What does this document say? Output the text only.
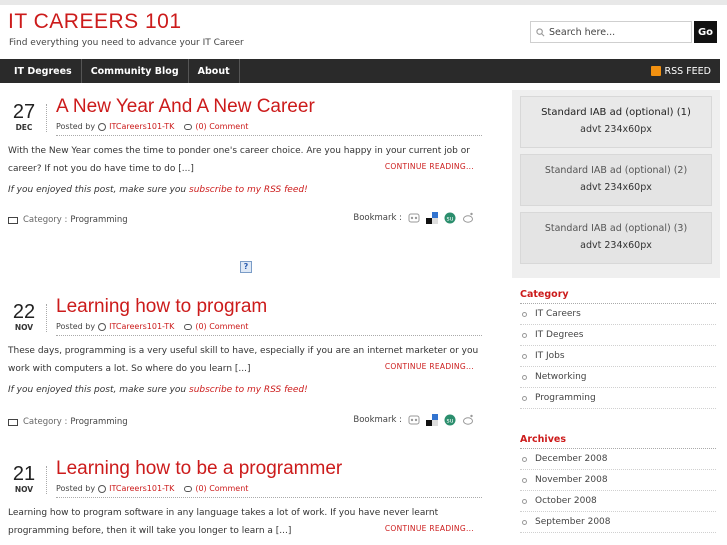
IT CAREERS 101
Find everything you need to advance your IT Career
Search here...
Go
IT Degrees	Community Blog	About	RSS FEED
27
DEC
A New Year And A New Career
Posted by ITCareers101-TK	(0) Comment
With the New Year comes the time to ponder one's career choice. Are you happy in your current job or career? If not you do have time to do [...]	CONTINUE READING...
If you enjoyed this post, make sure you subscribe to my RSS feed!
Category : Programming	Bookmark :	su
?
22
NOV
Learning how to program
Posted by ITCareers101-TK	(0) Comment
These days, programming is a very useful skill to have, especially if you are an internet marketer or you work with computers a lot. So where do you learn [...]	CONTINUE READING...
If you enjoyed this post, make sure you subscribe to my RSS feed!
Category : Programming	Bookmark :	su
21
NOV
Learning how to be a programmer
Posted by ITCareers101-TK	(0) Comment
Learning how to program software in any language takes a lot of work. If you have never learnt programming before, then it will take you longer to learn a [...]	CONTINUE READING...
Standard IAB ad (optional) (1)
advt 234x60px
Standard IAB ad (optional) (2)
advt 234x60px
Standard IAB ad (optional) (3)
advt 234x60px
Category
IT Careers
IT Degrees
IT Jobs
Networking
Programming
Archives
December 2008
November 2008
October 2008
September 2008
